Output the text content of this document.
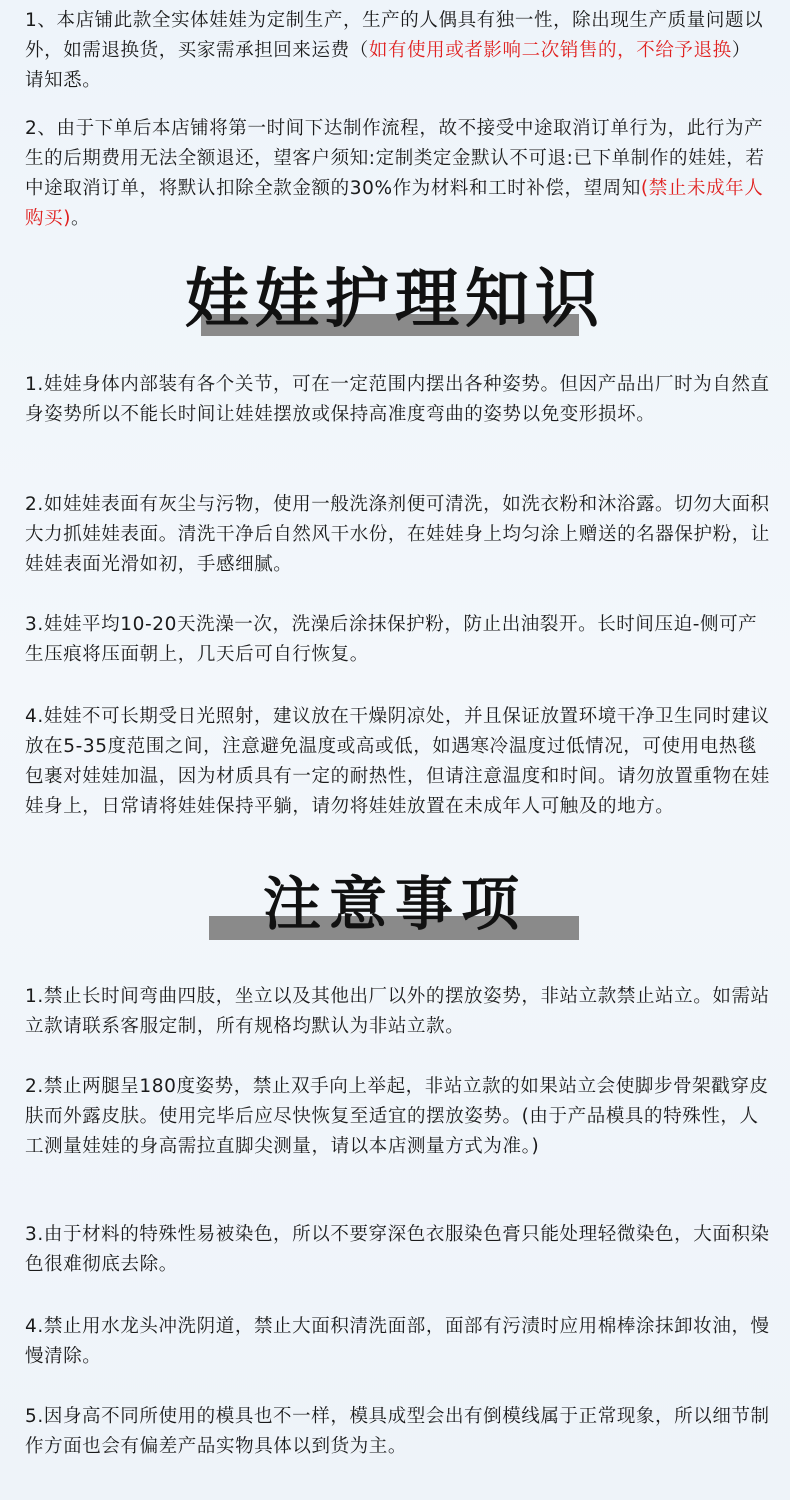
1、本店铺此款全实体娃娃为定制生产，生产的人偶具有独一性，除出现生产质量问题以外，如需退换货，买家需承担回来运费（如有使用或者影响二次销售的，不给予退换）请知悉。

2、由于下单后本店铺将第一时间下达制作流程，故不接受中途取消订单行为，此行为产生的后期费用无法全额退还，望客户须知:定制类定金默认不可退:已下单制作的娃娃，若中途取消订单，将默认扣除全款金额的30%作为材料和工时补偿，望周知(禁止未成年人购买)。

娃娃护理知识

1.娃娃身体内部装有各个关节，可在一定范围内摆出各种姿势。但因产品出厂时为自然直身姿势所以不能长时间让娃娃摆放或保持高准度弯曲的姿势以免变形损坏。

2.如娃娃表面有灰尘与污物，使用一般洗涤剂便可清洗，如洗衣粉和沐浴露。切勿大面积大力抓娃娃表面。清洗干净后自然风干水份，在娃娃身上均匀涂上赠送的名器保护粉，让娃娃表面光滑如初，手感细腻。

3.娃娃平均10-20天洗澡一次，洗澡后涂抹保护粉，防止出油裂开。长时间压迫-侧可产生压痕将压面朝上，几天后可自行恢复。

4.娃娃不可长期受日光照射，建议放在干燥阴凉处，并且保证放置环境干净卫生同时建议放在5-35度范围之间，注意避免温度或高或低，如遇寒冷温度过低情况，可使用电热毯包裹对娃娃加温，因为材质具有一定的耐热性，但请注意温度和时间。请勿放置重物在娃娃身上，日常请将娃娃保持平躺，请勿将娃娃放置在未成年人可触及的地方。

注意事项

1.禁止长时间弯曲四肢，坐立以及其他出厂以外的摆放姿势，非站立款禁止站立。如需站立款请联系客服定制，所有规格均默认为非站立款。

2.禁止两腿呈180度姿势，禁止双手向上举起，非站立款的如果站立会使脚步骨架戳穿皮肤而外露皮肤。使用完毕后应尽快恢复至适宜的摆放姿势。(由于产品模具的特殊性，人工测量娃娃的身高需拉直脚尖测量，请以本店测量方式为准。)

3.由于材料的特殊性易被染色，所以不要穿深色衣服染色膏只能处理轻微染色，大面积染色很难彻底去除。

4.禁止用水龙头冲洗阴道，禁止大面积清洗面部，面部有污渍时应用棉棒涂抹卸妆油，慢慢清除。

5.因身高不同所使用的模具也不一样，模具成型会出有倒模线属于正常现象，所以细节制作方面也会有偏差产品实物具体以到货为主。
